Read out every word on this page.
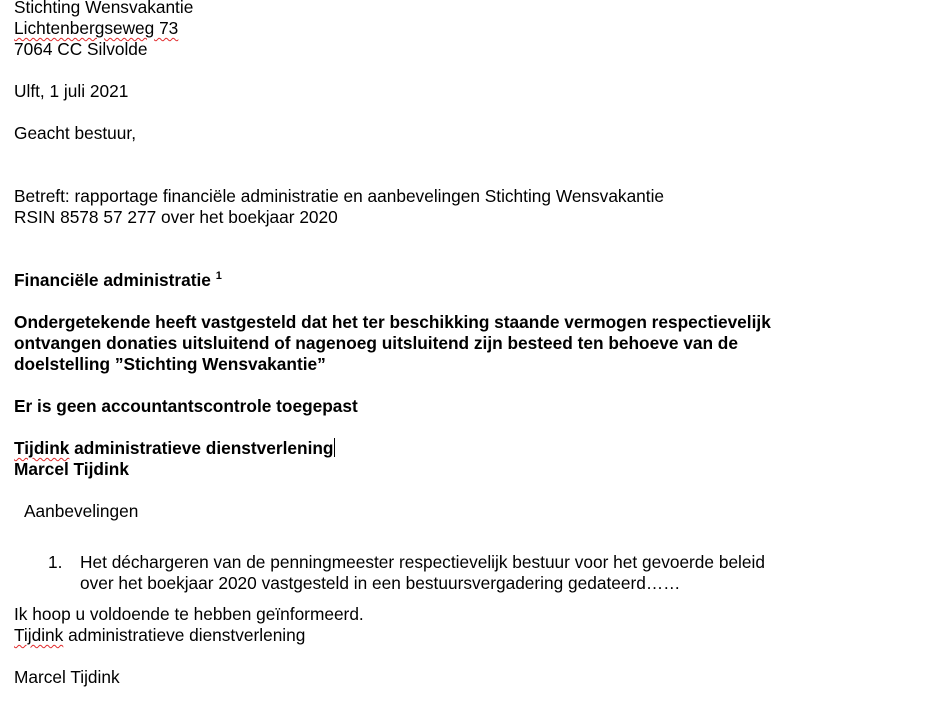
Stichting Wensvakantie
Lichtenbergseweg 73
7064 CC Silvolde
Ulft, 1 juli 2021
Geacht bestuur,
Betreft: rapportage financiële administratie en aanbevelingen Stichting Wensvakantie
RSIN 8578 57 277 over het boekjaar 2020
Financiële administratie $^1$
Ondergetekende heeft vastgesteld dat het ter beschikking staande vermogen respectievelijk
ontvangen donaties uitsluitend of nagenoeg uitsluitend zijn besteed ten behoeve van de
doelstelling ”Stichting Wensvakantie”
Er is geen accountantscontrole toegepast
Tijdink administratieve dienstverlening
Marcel Tijdink
Aanbevelingen
1.	Het déchargeren van de penningmeester respectievelijk bestuur voor het gevoerde beleid
over het boekjaar 2020 vastgesteld in een bestuursvergadering gedateerd……
Ik hoop u voldoende te hebben geïnformeerd.
Tijdink administratieve dienstverlening
Marcel Tijdink
